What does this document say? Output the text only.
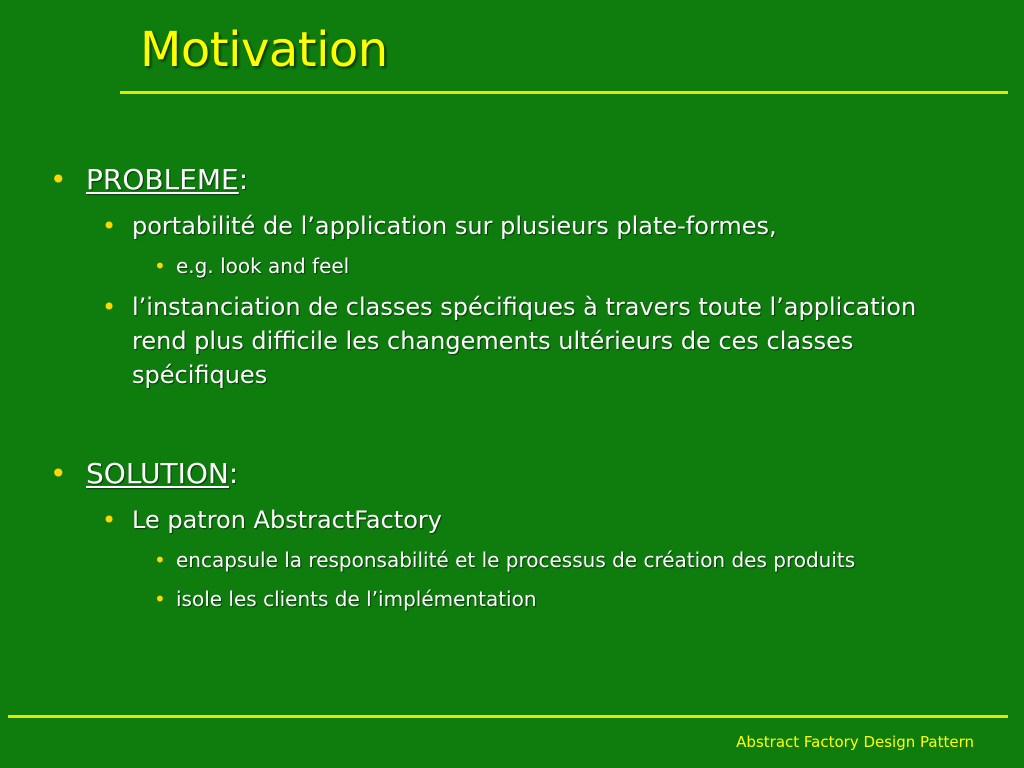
Motivation
• PROBLEME:
• portabilité de l’application sur plusieurs plate-formes,
• e.g. look and feel
• l’instanciation de classes spécifiques à travers toute l’application
rend plus difficile les changements ultérieurs de ces classes
spécifiques
• SOLUTION:
• Le patron AbstractFactory
• encapsule la responsabilité et le processus de création des produits
• isole les clients de l’implémentation
Abstract Factory Design Pattern
